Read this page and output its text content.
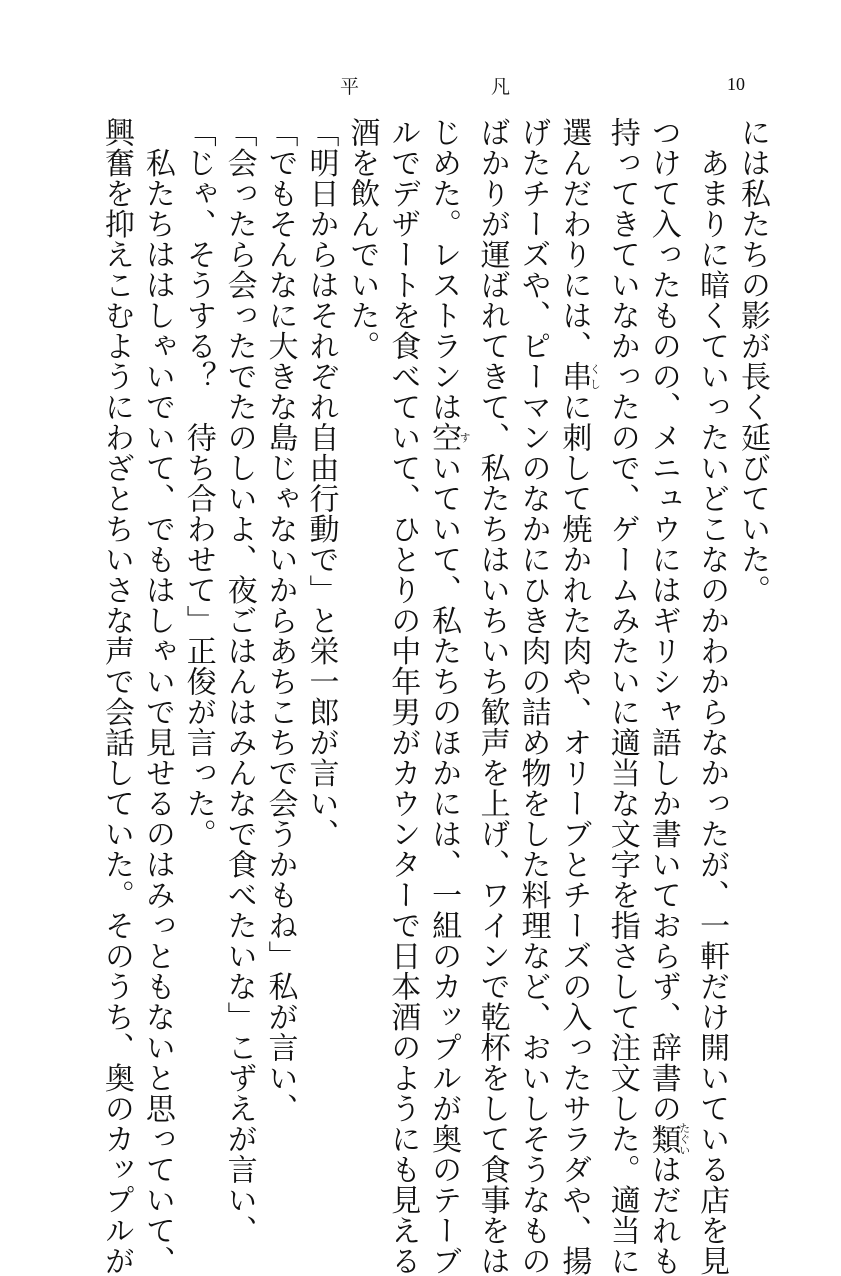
平	凡	10
には私たちの影が長く延びていた。
　あまりに暗くていったいどこなのかわからなかったが、一軒だけ開いている店を見
つけて入ったものの、メニュウにはギリシャ語しか書いておらず、辞書の類たぐいはだれも
持ってきていなかったので、ゲームみたいに適当な文字を指さして注文した。適当に
選んだわりには、串くしに刺して焼かれた肉や、オリーブとチーズの入ったサラダや、揚
げたチーズや、ピーマンのなかにひき肉の詰め物をした料理など、おいしそうなもの
ばかりが運ばれてきて、私たちはいちいち歓声を上げ、ワインで乾杯をして食事をは
じめた。レストランは空すいていて、私たちのほかには、一組のカップルが奥のテーブ
ルでデザートを食べていて、ひとりの中年男がカウンターで日本酒のようにも見える
酒を飲んでいた。
「明日からはそれぞれ自由行動で」と栄一郎が言い、
「でもそんなに大きな島じゃないからあちこちで会うかもね」私が言い、
「会ったら会ったでたのしいよ、夜ごはんはみんなで食べたいな」こずえが言い、
「じゃ、そうする？　待ち合わせて」正俊が言った。
　私たちははしゃいでいて、でもはしゃいで見せるのはみっともないと思っていて、
興奮を抑えこむようにわざとちいさな声で会話していた。そのうち、奥のカップルが
